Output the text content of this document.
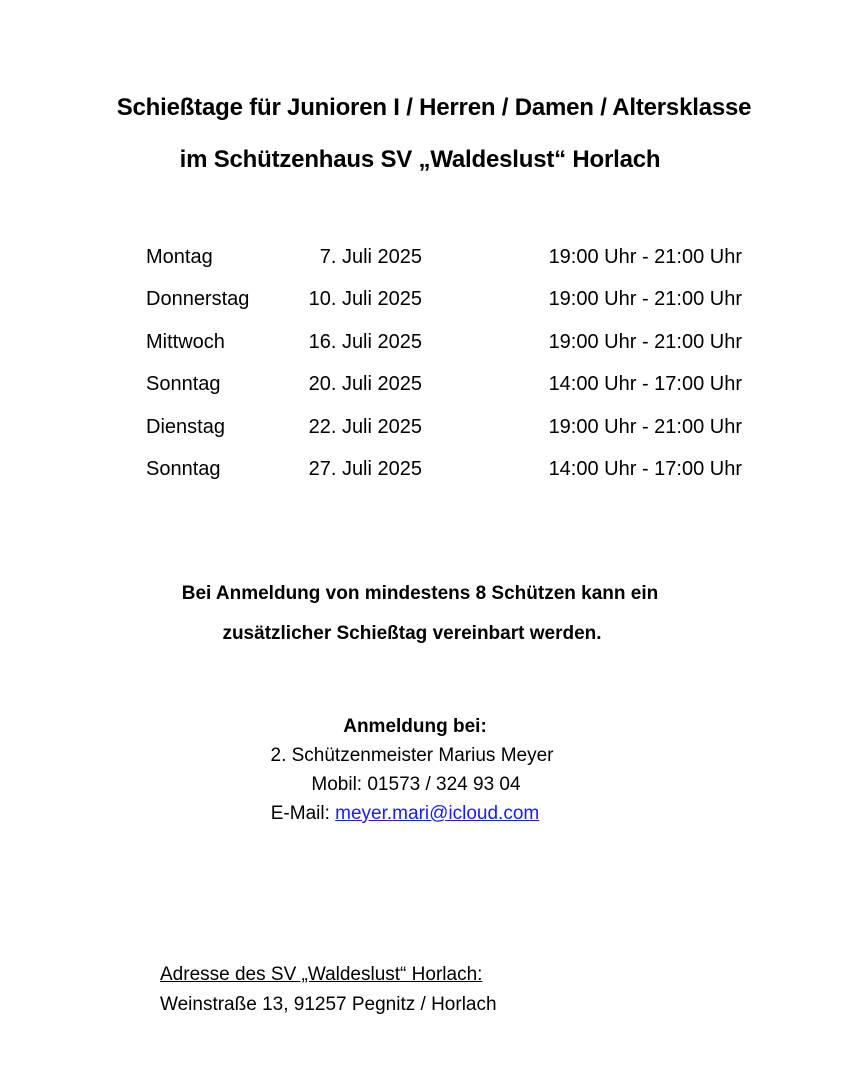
Schießtage für Junioren I / Herren / Damen / Altersklasse
im Schützenhaus SV „Waldeslust“ Horlach
Montag	7. Juli 2025	19:00 Uhr - 21:00 Uhr
Donnerstag	10. Juli 2025	19:00 Uhr - 21:00 Uhr
Mittwoch	16. Juli 2025	19:00 Uhr - 21:00 Uhr
Sonntag	20. Juli 2025	14:00 Uhr - 17:00 Uhr
Dienstag	22. Juli 2025	19:00 Uhr - 21:00 Uhr
Sonntag	27. Juli 2025	14:00 Uhr - 17:00 Uhr
Bei Anmeldung von mindestens 8 Schützen kann ein
zusätzlicher Schießtag vereinbart werden.
Anmeldung bei:
2. Schützenmeister Marius Meyer
Mobil: 01573 / 324 93 04
E-Mail: meyer.mari@icloud.com
Adresse des SV „Waldeslust“ Horlach:
Weinstraße 13, 91257 Pegnitz / Horlach
